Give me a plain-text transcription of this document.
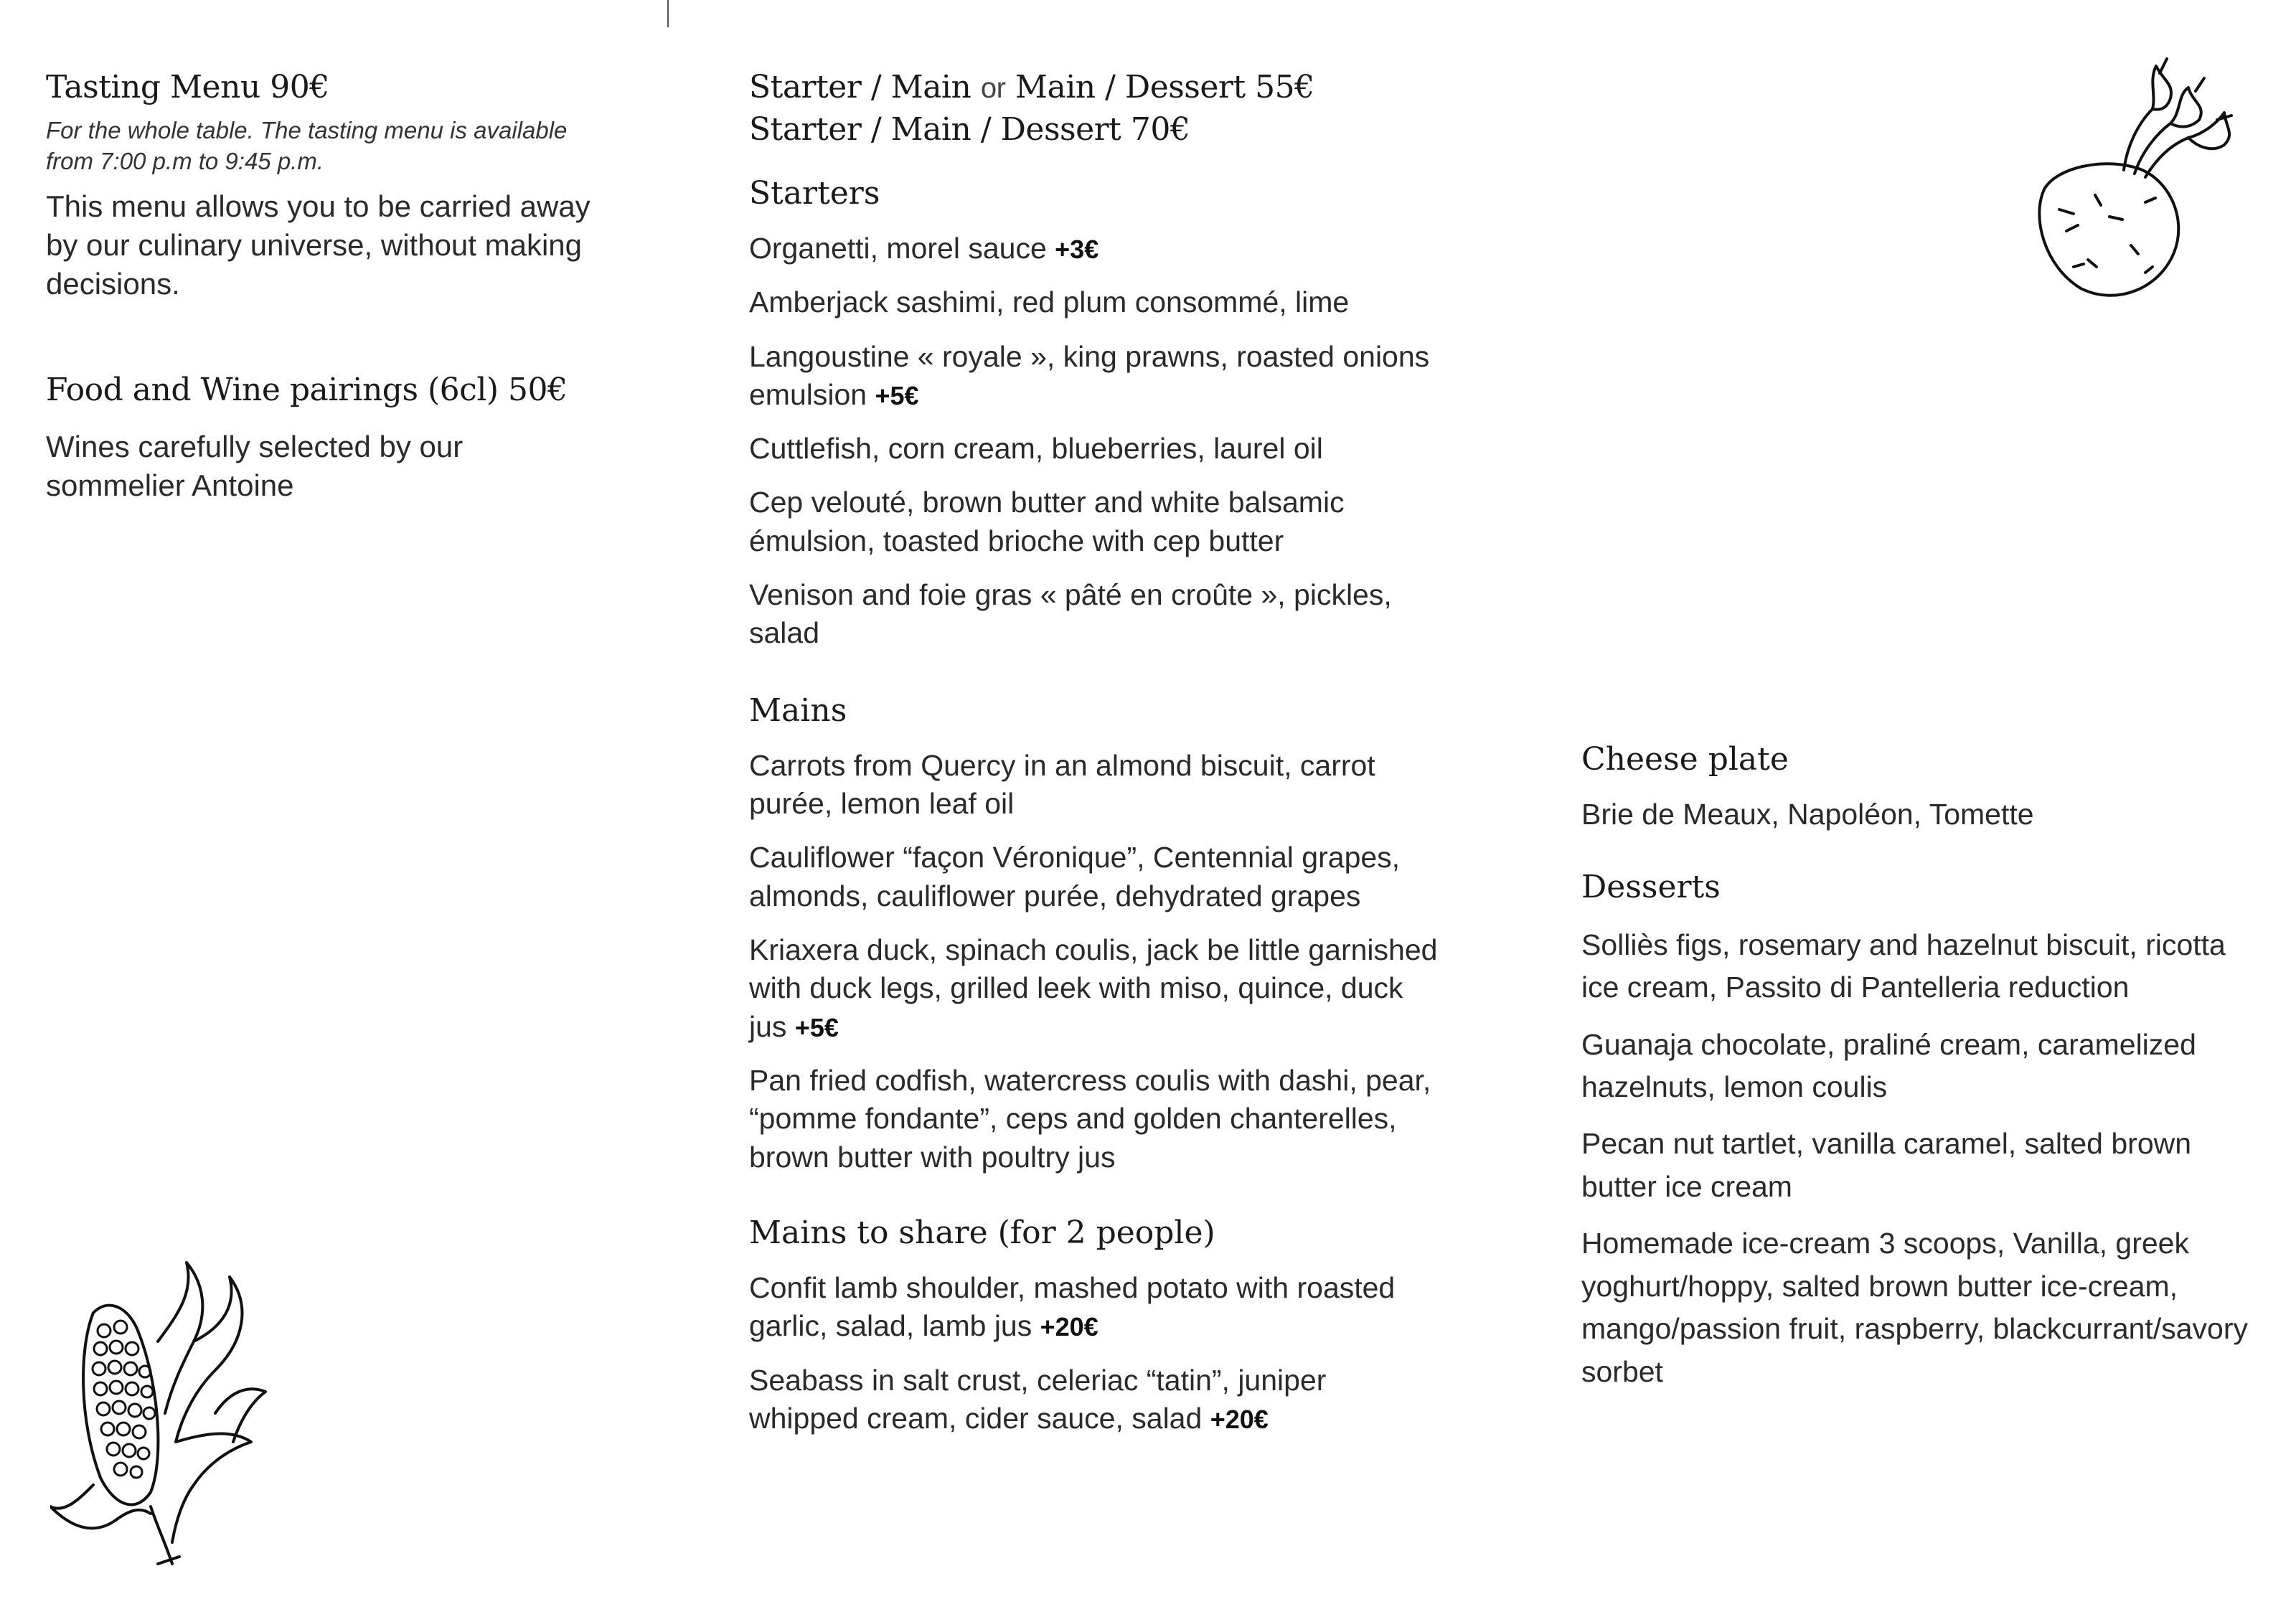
Tasting Menu 90€

For the whole table. The tasting menu is available from 7:00 p.m to 9:45 p.m.

This menu allows you to be carried away by our culinary universe, without making decisions.

Food and Wine pairings (6cl) 50€

Wines carefully selected by our sommelier Antoine

Starter / Main or Main / Dessert 55€
Starter / Main / Dessert 70€
Starters

Organetti, morel sauce +3€

Amberjack sashimi, red plum consommé, lime

Langoustine « royale », king prawns, roasted onions emulsion +5€

Cuttlefish, corn cream, blueberries, laurel oil

Cep velouté, brown butter and white balsamic émulsion, toasted brioche with cep butter

Venison and foie gras « pâté en croûte », pickles, salad

Mains

Carrots from Quercy in an almond biscuit, carrot purée, lemon leaf oil

Cauliflower “façon Véronique”, Centennial grapes, almonds, cauliflower purée, dehydrated grapes

Kriaxera duck, spinach coulis, jack be little garnished with duck legs, grilled leek with miso, quince, duck jus +5€

Pan fried codfish, watercress coulis with dashi, pear, “pomme fondante”, ceps and golden chanterelles, brown butter with poultry jus

Mains to share (for 2 people)

Confit lamb shoulder, mashed potato with roasted garlic, salad, lamb jus +20€

Seabass in salt crust, celeriac “tatin”, juniper whipped cream, cider sauce, salad +20€

Cheese plate

Brie de Meaux, Napoléon, Tomette

Desserts

Solliès figs, rosemary and hazelnut biscuit, ricotta ice cream, Passito di Pantelleria reduction

Guanaja chocolate, praliné cream, caramelized hazelnuts, lemon coulis

Pecan nut tartlet, vanilla caramel, salted brown butter ice cream

Homemade ice-cream 3 scoops, Vanilla, greek yoghurt/hoppy, salted brown butter ice-cream, mango/passion fruit, raspberry, blackcurrant/savory sorbet
